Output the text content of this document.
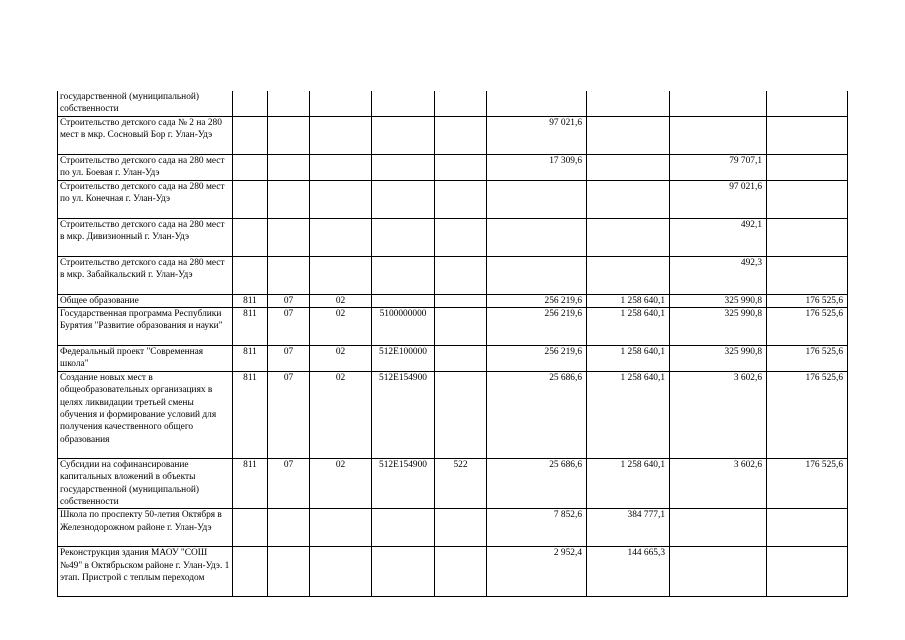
государственной (муниципальной) собственности									
Строительство детского сада № 2 на 280 мест в мкр. Сосновый Бор г. Улан-Удэ						97 021,6			
Строительство детского сада на 280 мест по ул. Боевая г. Улан-Удэ						17 309,6		79 707,1	
Строительство детского сада на 280 мест по ул. Конечная г. Улан-Удэ								97 021,6	
Строительство детского сада на 280 мест в мкр. Дивизионный г. Улан-Удэ								492,1	
Строительство детского сада на 280 мест в мкр. Забайкальский г. Улан-Удэ								492,3	
Общее образование	811	07	02			256 219,6	1 258 640,1	325 990,8	176 525,6
Государственная программа Республики Бурятия "Развитие образования и науки"	811	07	02	5100000000		256 219,6	1 258 640,1	325 990,8	176 525,6
Федеральный проект "Современная школа"	811	07	02	512E100000		256 219,6	1 258 640,1	325 990,8	176 525,6
Создание новых мест в общеобразовательных организациях в целях ликвидации третьей смены обучения и формирование условий для получения качественного общего образования	811	07	02	512E154900		25 686,6	1 258 640,1	3 602,6	176 525,6
Субсидии на софинансирование капитальных вложений в объекты государственной (муниципальной) собственности	811	07	02	512E154900	522	25 686,6	1 258 640,1	3 602,6	176 525,6
Школа по проспекту 50-летия Октября в Железнодорожном районе г. Улан-Удэ						7 852,6	384 777,1		
Реконструкция здания МАОУ "СОШ №49" в Октябрьском районе г. Улан-Удэ. 1 этап. Пристрой с теплым переходом						2 952,4	144 665,3		
